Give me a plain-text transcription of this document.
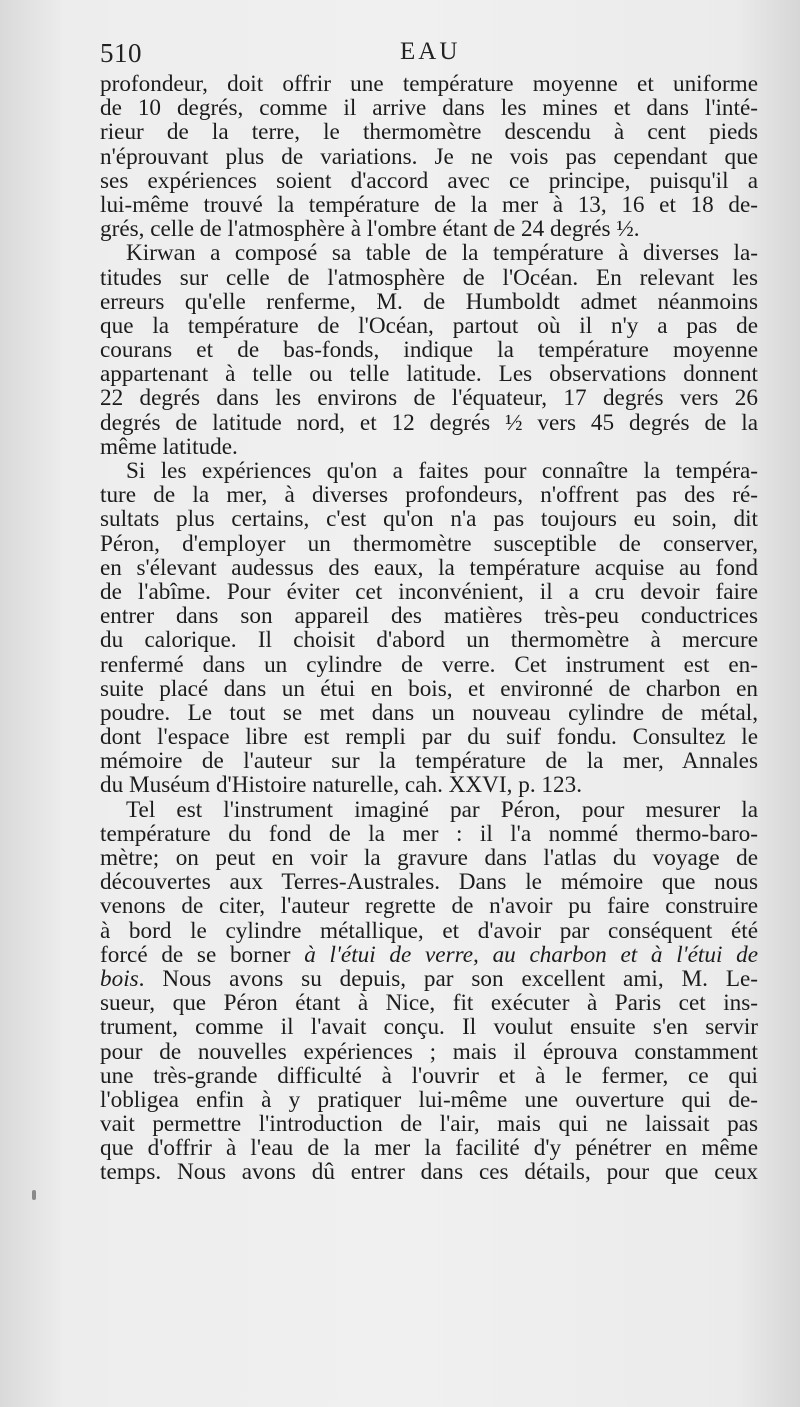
510	EAU
profondeur, doit offrir une température moyenne et uniforme
de 10 degrés, comme il arrive dans les mines et dans l'inté-
rieur de la terre, le thermomètre descendu à cent pieds
n'éprouvant plus de variations. Je ne vois pas cependant que
ses expériences soient d'accord avec ce principe, puisqu'il a
lui-même trouvé la température de la mer à 13, 16 et 18 de-
grés, celle de l'atmosphère à l'ombre étant de 24 degrés ½.
Kirwan a composé sa table de la température à diverses la-
titudes sur celle de l'atmosphère de l'Océan. En relevant les
erreurs qu'elle renferme, M. de Humboldt admet néanmoins
que la température de l'Océan, partout où il n'y a pas de
courans et de bas-fonds, indique la température moyenne
appartenant à telle ou telle latitude. Les observations donnent
22 degrés dans les environs de l'équateur, 17 degrés vers 26
degrés de latitude nord, et 12 degrés ½ vers 45 degrés de la
même latitude.
Si les expériences qu'on a faites pour connaître la tempéra-
ture de la mer, à diverses profondeurs, n'offrent pas des ré-
sultats plus certains, c'est qu'on n'a pas toujours eu soin, dit
Péron, d'employer un thermomètre susceptible de conserver,
en s'élevant audessus des eaux, la température acquise au fond
de l'abîme. Pour éviter cet inconvénient, il a cru devoir faire
entrer dans son appareil des matières très-peu conductrices
du calorique. Il choisit d'abord un thermomètre à mercure
renfermé dans un cylindre de verre. Cet instrument est en-
suite placé dans un étui en bois, et environné de charbon en
poudre. Le tout se met dans un nouveau cylindre de métal,
dont l'espace libre est rempli par du suif fondu. Consultez le
mémoire de l'auteur sur la température de la mer, Annales
du Muséum d'Histoire naturelle, cah. XXVI, p. 123.
Tel est l'instrument imaginé par Péron, pour mesurer la
température du fond de la mer : il l'a nommé thermo-baro-
mètre; on peut en voir la gravure dans l'atlas du voyage de
découvertes aux Terres-Australes. Dans le mémoire que nous
venons de citer, l'auteur regrette de n'avoir pu faire construire
à bord le cylindre métallique, et d'avoir par conséquent été
forcé de se borner à l'étui de verre, au charbon et à l'étui de
bois. Nous avons su depuis, par son excellent ami, M. Le-
sueur, que Péron étant à Nice, fit exécuter à Paris cet ins-
trument, comme il l'avait conçu. Il voulut ensuite s'en servir
pour de nouvelles expériences ; mais il éprouva constamment
une très-grande difficulté à l'ouvrir et à le fermer, ce qui
l'obligea enfin à y pratiquer lui-même une ouverture qui de-
vait permettre l'introduction de l'air, mais qui ne laissait pas
que d'offrir à l'eau de la mer la facilité d'y pénétrer en même
temps. Nous avons dû entrer dans ces détails, pour que ceux
